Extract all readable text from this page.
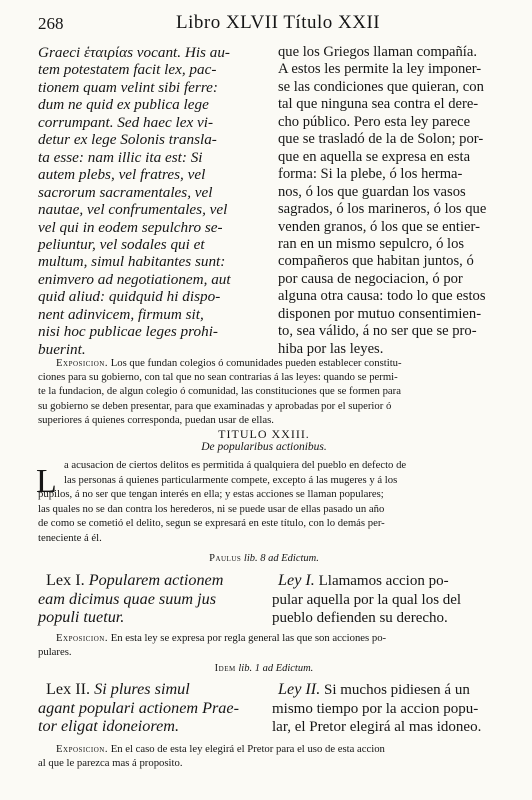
268	Libro XLVII Título XXII
Graeci ἑταιρίαs vocant. His au-
tem potestatem facit lex, pac-
tionem quam velint sibi ferre:
dum ne quid ex publica lege
corrumpant. Sed haec lex vi-
detur ex lege Solonis transla-
ta esse: nam illic ita est: Si
autem plebs, vel fratres, vel
sacrorum sacramentales, vel
nautae, vel confrumentales, vel
vel qui in eodem sepulchro se-
peliuntur, vel sodales qui et
multum, simul habitantes sunt:
enimvero ad negotiationem, aut
quid aliud: quidquid hi dispo-
nent adinvicem, firmum sit,
nisi hoc publicae leges prohi-
buerint.
que los Griegos llaman compañía.
A estos les permite la ley imponer-
se las condiciones que quieran, con
tal que ninguna sea contra el dere-
cho público. Pero esta ley parece
que se trasladó de la de Solon; por-
que en aquella se expresa en esta
forma: Si la plebe, ó los herma-
nos, ó los que guardan los vasos
sagrados, ó los marineros, ó los que
venden granos, ó los que se entier-
ran en un mismo sepulcro, ó los
compañeros que habitan juntos, ó
por causa de negociacion, ó por
alguna otra causa: todo lo que estos
disponen por mutuo consentimien-
to, sea válido, á no ser que se pro-
hiba por las leyes.
Exposicion. Los que fundan colegios ó comunidades pueden establecer constitu-
ciones para su gobierno, con tal que no sean contrarias á las leyes: quando se permi-
te la fundacion, de algun colegio ó comunidad, las constituciones que se formen para
su gobierno se deben presentar, para que examinadas y aprobadas por el superior ó
superiores á quienes corresponda, puedan usar de ellas.
TITULO XXIII.
De popularibus actionibus.
L a acusacion de ciertos delitos es permitida á qualquiera del pueblo en defecto de
las personas á quienes particularmente compete, excepto á las mugeres y á los
pupilos, á no ser que tengan interés en ella; y estas acciones se llaman populares;
las quales no se dan contra los herederos, ni se puede usar de ellas pasado un año
de como se cometió el delito, segun se expresará en este título, con lo demás per-
teneciente á él.
Paulus lib. 8 ad Edictum.
Lex I. Popularem actionem
eam dicimus quae suum jus
populi tuetur.
Ley I. Llamamos accion po-
pular aquella por la qual los del
pueblo defienden su derecho.
Exposicion. En esta ley se expresa por regla general las que son acciones po-
pulares.
Idem lib. 1 ad Edictum.
Lex II. Si plures simul
agant populari actionem Prae-
tor eligat idoneiorem.
Ley II. Si muchos pidiesen á un
mismo tiempo por la accion popu-
lar, el Pretor elegirá al mas idoneo.
Exposicion. En el caso de esta ley elegirá el Pretor para el uso de esta accion
al que le parezca mas á proposito.
